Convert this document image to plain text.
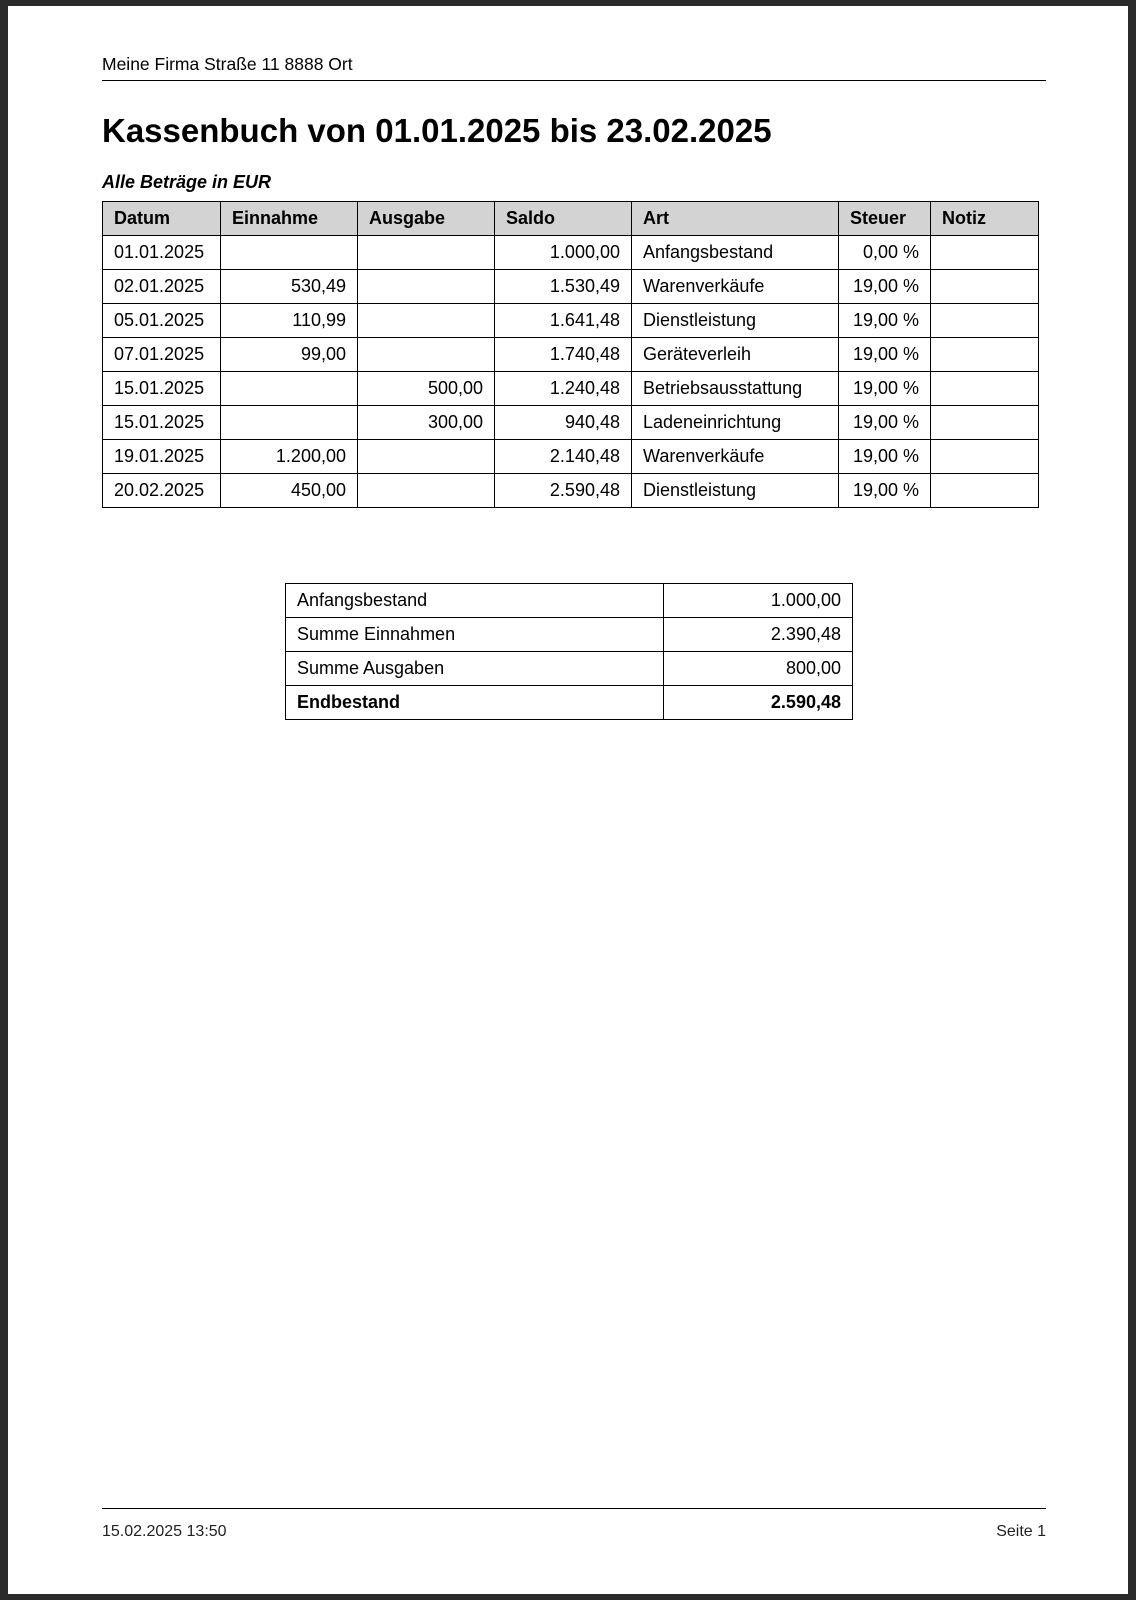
Meine Firma Straße 11 8888 Ort
Kassenbuch von 01.01.2025 bis 23.02.2025
Alle Beträge in EUR
Datum	Einnahme	Ausgabe	Saldo	Art	Steuer	Notiz
01.01.2025			1.000,00	Anfangsbestand	0,00 %	
02.01.2025	530,49		1.530,49	Warenverkäufe	19,00 %	
05.01.2025	110,99		1.641,48	Dienstleistung	19,00 %	
07.01.2025	99,00		1.740,48	Geräteverleih	19,00 %	
15.01.2025		500,00	1.240,48	Betriebsausstattung	19,00 %	
15.01.2025		300,00	940,48	Ladeneinrichtung	19,00 %	
19.01.2025	1.200,00		2.140,48	Warenverkäufe	19,00 %	
20.02.2025	450,00		2.590,48	Dienstleistung	19,00 %	
Anfangsbestand	1.000,00
Summe Einnahmen	2.390,48
Summe Ausgaben	800,00
Endbestand	2.590,48
15.02.2025 13:50	Seite 1
